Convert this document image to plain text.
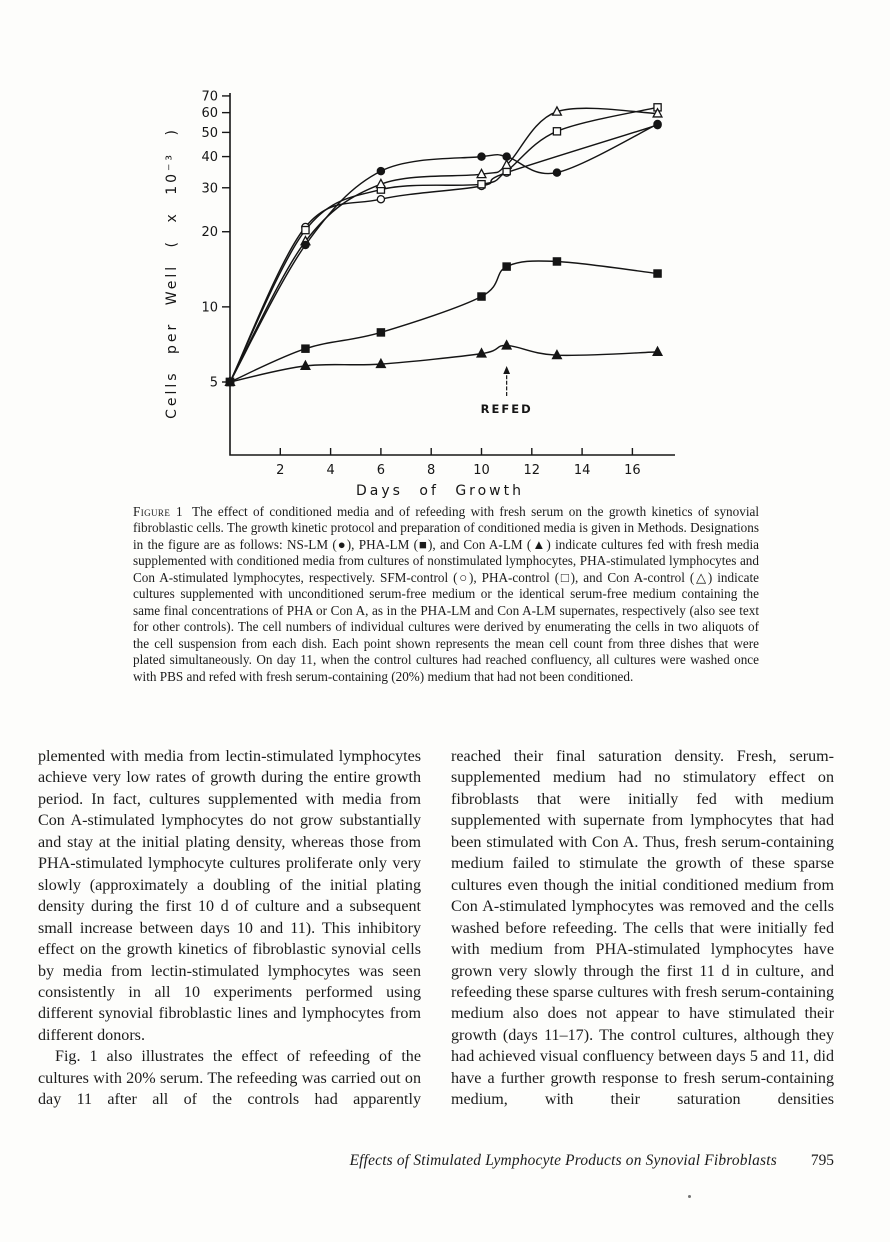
70
60
50
40
30
20
10
5
2	4	6	8	10	12	14	16
Days of Growth
Cells per Well ( x 10⁻³ )	REFED
Figure 1 The effect of conditioned media and of refeeding with fresh serum on the growth kinetics of synovial fibroblastic cells. The growth kinetic protocol and preparation of conditioned media is given in Methods. Designations in the figure are as follows: NS-LM (●), PHA-LM (■), and Con A-LM (▲) indicate cultures fed with fresh media supplemented with conditioned media from cultures of nonstimulated lymphocytes, PHA-stimulated lymphocytes and Con A-stimulated lymphocytes, respectively. SFM-control (○), PHA-control (□), and Con A-control (△) indicate cultures supplemented with unconditioned serum-free medium or the identical serum-free medium containing the same final concentrations of PHA or Con A, as in the PHA-LM and Con A-LM supernates, respectively (also see text for other controls). The cell numbers of individual cultures were derived by enumerating the cells in two aliquots of the cell suspension from each dish. Each point shown represents the mean cell count from three dishes that were plated simultaneously. On day 11, when the control cultures had reached confluency, all cultures were washed once with PBS and refed with fresh serum-containing (20%) medium that had not been conditioned.

plemented with media from lectin-stimulated lymphocytes achieve very low rates of growth during the entire growth period. In fact, cultures supplemented with media from Con A-stimulated lymphocytes do not grow substantially and stay at the initial plating density, whereas those from PHA-stimulated lymphocyte cultures proliferate only very slowly (approximately a doubling of the initial plating density during the first 10 d of culture and a subsequent small increase between days 10 and 11). This inhibitory effect on the growth kinetics of fibroblastic synovial cells by media from lectin-stimulated lymphocytes was seen consistently in all 10 experiments performed using different synovial fibroblastic lines and lymphocytes from different donors.

Fig. 1 also illustrates the effect of refeeding of the cultures with 20% serum. The refeeding was carried out on day 11 after all of the controls had apparently

reached their final saturation density. Fresh, serum-supplemented medium had no stimulatory effect on fibroblasts that were initially fed with medium supplemented with supernate from lymphocytes that had been stimulated with Con A. Thus, fresh serum-containing medium failed to stimulate the growth of these sparse cultures even though the initial conditioned medium from Con A-stimulated lymphocytes was removed and the cells washed before refeeding. The cells that were initially fed with medium from PHA-stimulated lymphocytes have grown very slowly through the first 11 d in culture, and refeeding these sparse cultures with fresh serum-containing medium also does not appear to have stimulated their growth (days 11–17). The control cultures, although they had achieved visual confluency between days 5 and 11, did have a further growth response to fresh serum-containing medium, with their saturation densities

Effects of Stimulated Lymphocyte Products on Synovial Fibroblasts 795
